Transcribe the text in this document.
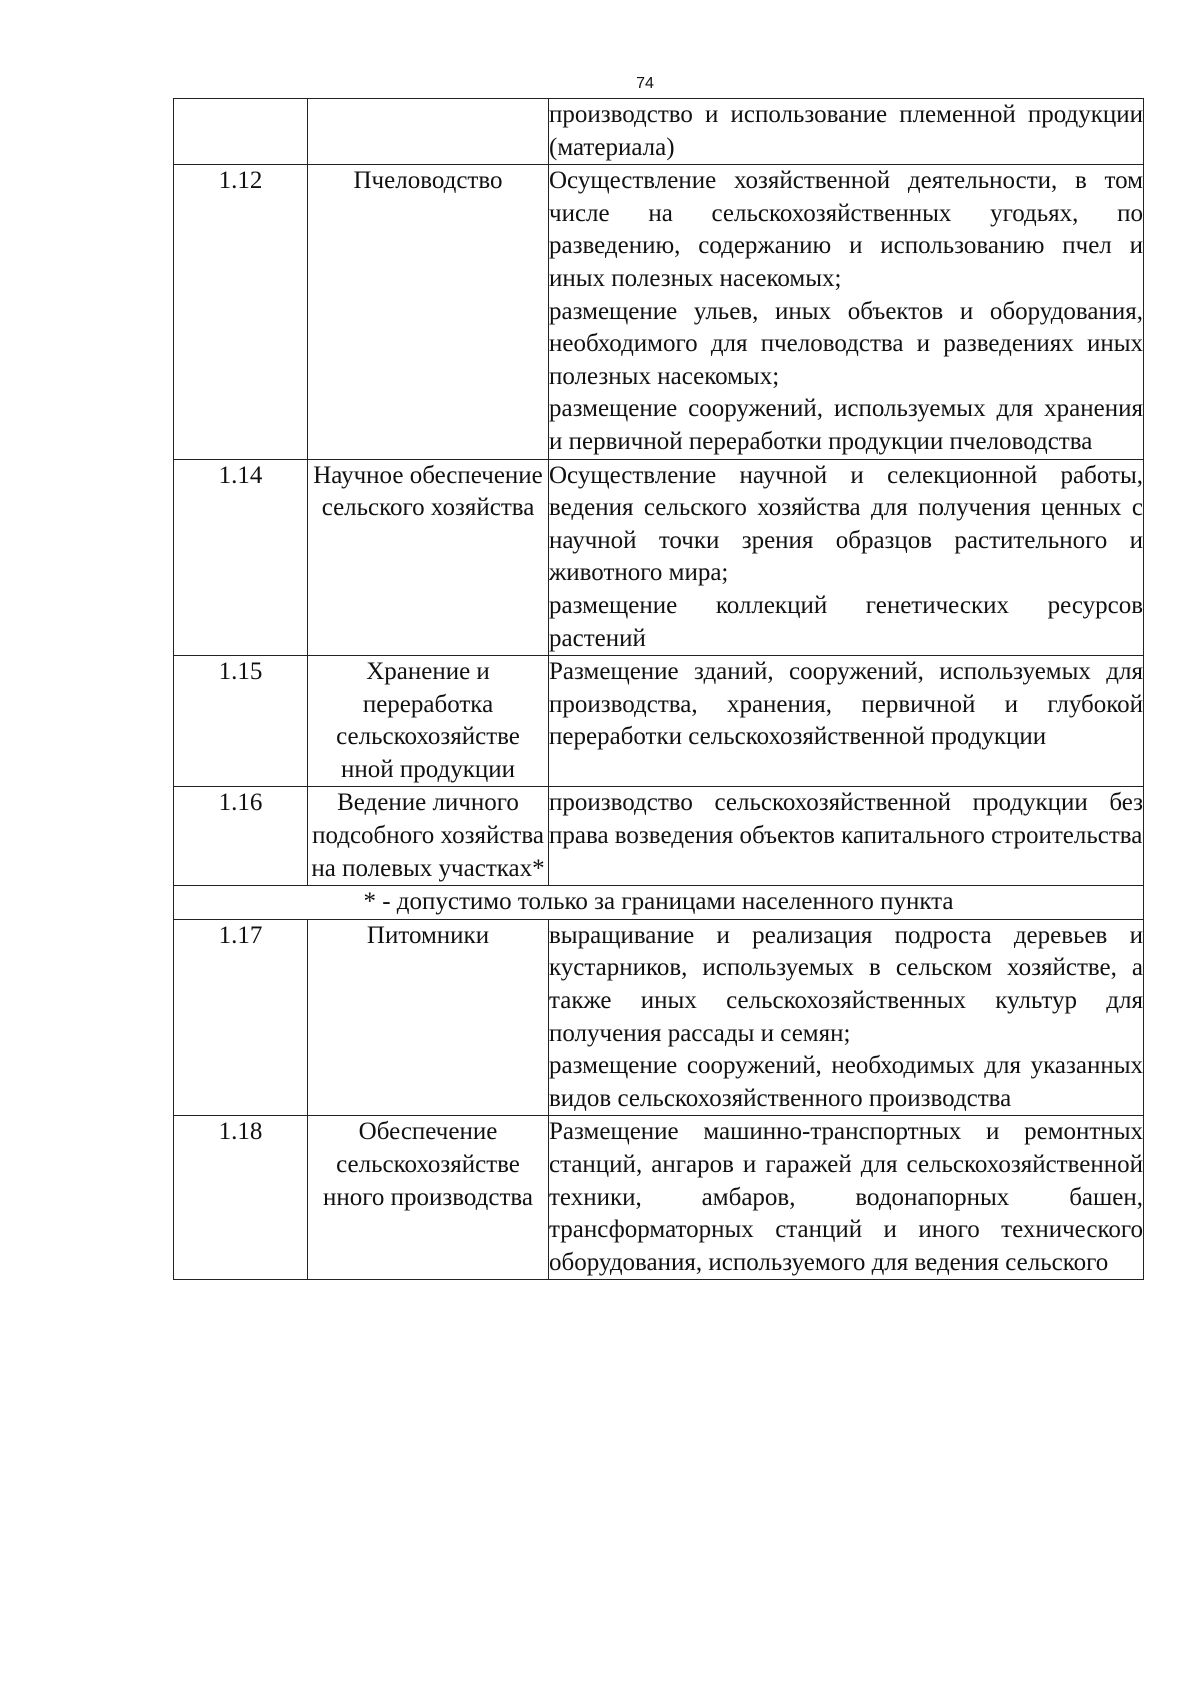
74

		производство и использование племенной продукции (материала)

1.12	Пчеловодство	Осуществление хозяйственной деятельности, в том числе на сельскохозяйственных угодьях, по разведению, содержанию и использованию пчел и иных полезных насекомых;

размещение ульев, иных объектов и оборудования, необходимого для пчеловодства и разведениях иных полезных насекомых;

размещение сооружений, используемых для хранения и первичной переработки продукции пчеловодства

1.14	Научное обеспечение сельского хозяйства	Осуществление научной и селекционной работы, ведения сельского хозяйства для получения ценных с научной точки зрения образцов растительного и животного мира;

размещение коллекций генетических ресурсов растений

1.15	Хранение и переработка сельскохозяйстве нной продукции	Размещение зданий, сооружений, используемых для производства, хранения, первичной и глубокой переработки сельскохозяйственной продукции

1.16	Ведение личного подсобного хозяйства на полевых участках*	производство сельскохозяйственной продукции без права возведения объектов капитального строительства

* - допустимо только за границами населенного пункта		
1.17	Питомники	выращивание и реализация подроста деревьев и кустарников, используемых в сельском хозяйстве, а также иных сельскохозяйственных культур для получения рассады и семян;

размещение сооружений, необходимых для указанных видов сельскохозяйственного производства

1.18	Обеспечение сельскохозяйстве нного производства	Размещение машинно-транспортных и ремонтных станций, ангаров и гаражей для сельскохозяйственной техники, амбаров, водонапорных башен, трансформаторных станций и иного технического оборудования, используемого для ведения сельского
